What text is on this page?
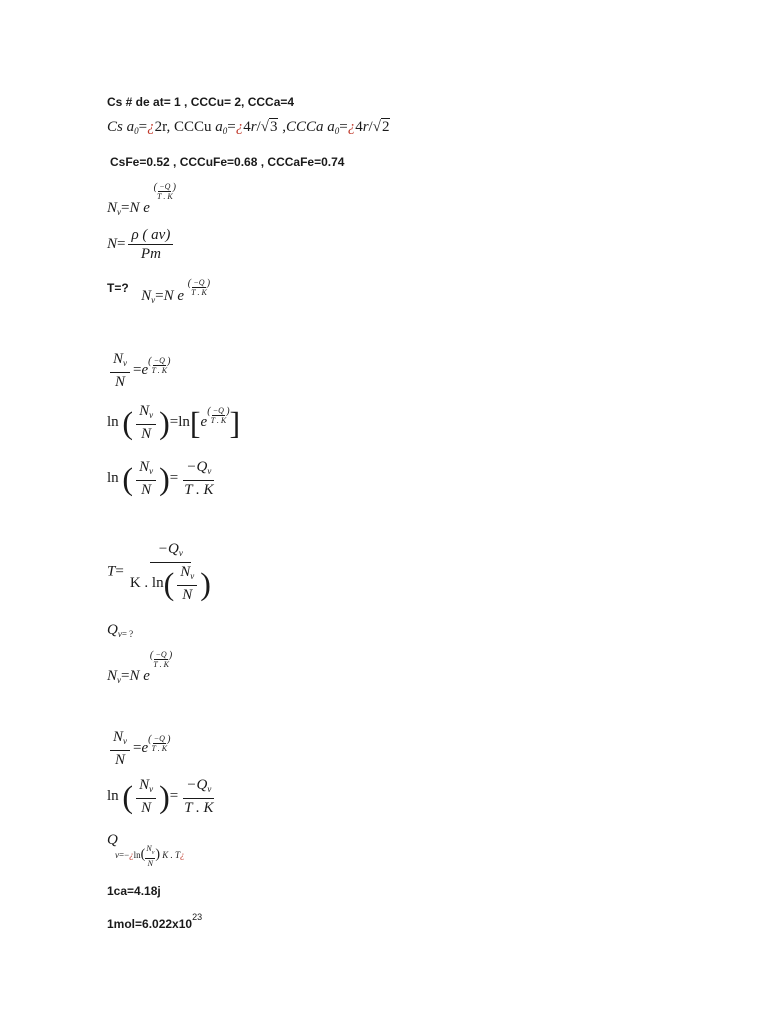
Cs # de at= 1 , CCCu= 2, CCCa=4
Cs $a_0=¿2r$, CCCu $a_0=¿4r/√3$ ,CCCa $a_0=¿4r/√2$
CsFe=0.52 , CCCuFe=0.68 , CCCaFe=0.74
$N_v=N$ e ( $\frac{-Q}{T . K}$ )
$N= \frac{\rho ( av)}{Pm}$
T=? $N_v=N$ e ( $\frac{-Q}{T . K}$ )
$\frac{N_v}{N} =e( \frac{-Q}{T . K}$ )
ln ( $\frac{N_v}{N} )=\ln[e( \frac{-Q}{T . K}$ )]
ln ( $\frac{N_v}{N}$ )= $\frac{-Q_v}{T . K}$
$T= \frac{-Q_v}{K . \ln( \frac{N_v}{N} )}$
$Q_{v= ?}$
$N_v=N$ $e( \frac{-Q}{T . K}$ )
$\frac{N_v}{N} =e( \frac{-Q}{T . K}$ )
ln ( $\frac{N_v}{N}$ )= $\frac{-Q_v}{T . K}$
Q
v=−¿ln( $\frac{N_v}{N}$ ) K . T¿
1ca=4.18j
$1mol=6.022x10^{23}$
